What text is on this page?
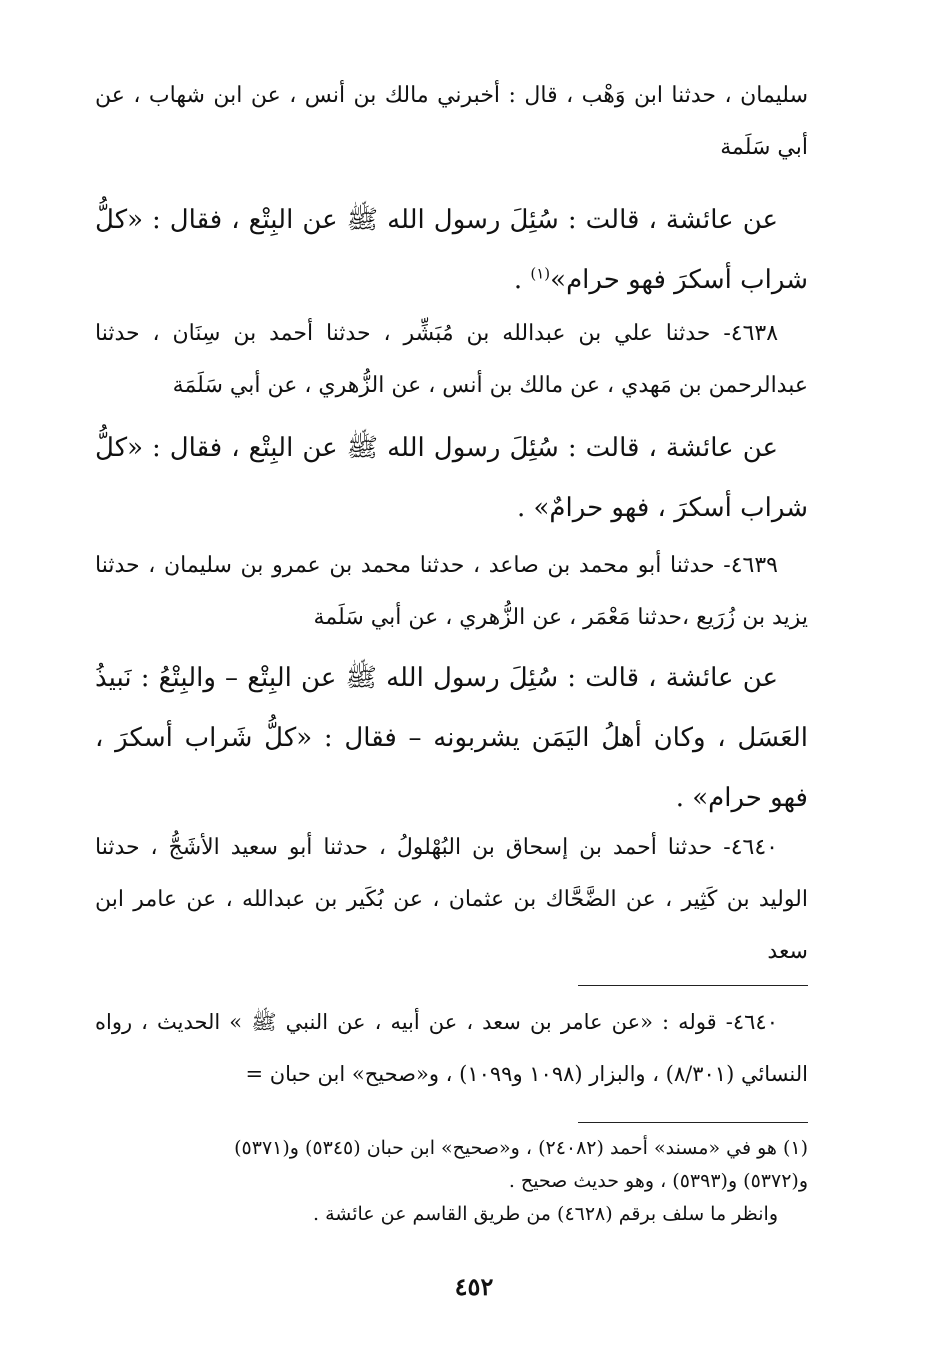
سليمان ، حدثنا ابن وَهْب ، قال : أخبرني مالك بن أنس ، عن ابن شهاب ، عن أبي سَلَمة

عن عائشة ، قالت : سُئِلَ رسول الله ﷺ عن البِتْع ، فقال : «كلُّ شراب أسكرَ فهو حرام»$^{(١)}$ .

٤٦٣٨- حدثنا علي بن عبدالله بن مُبَشِّر ، حدثنا أحمد بن سِنَان ، حدثنا عبدالرحمن بن مَهدي ، عن مالك بن أنس ، عن الزُّهري ، عن أبي سَلَمَة

عن عائشة ، قالت : سُئِلَ رسول الله ﷺ عن البِتْع ، فقال : «كلُّ شراب أسكرَ ، فهو حرامٌ» .

٤٦٣٩- حدثنا أبو محمد بن صاعد ، حدثنا محمد بن عمرو بن سليمان ، حدثنا يزيد بن زُرَيع ،حدثنا مَعْمَر ، عن الزُّهري ، عن أبي سَلَمة

عن عائشة ، قالت : سُئِلَ رسول الله ﷺ عن البِتْع – والبِتْعُ : نَبيذُ العَسَل ، وكان أهلُ اليَمَن يشربونه – فقال : «كلُّ شَراب أسكرَ ، فهو حرام» .

٤٦٤٠- حدثنا أحمد بن إسحاق بن البُهْلولُ ، حدثنا أبو سعيد الأشَجُّ ، حدثنا الوليد بن كَثِير ، عن الضَّحَّاك بن عثمان ، عن بُكَير بن عبدالله ، عن عامر ابن سعد

٤٦٤٠- قوله : «عن عامر بن سعد ، عن أبيه ، عن النبي ﷺ » الحديث ، رواه النسائي (٨/٣٠١) ، والبزار (١٠٩٨ و١٠٩٩) ، و«صحيح» ابن حبان =

(١) هو في «مسند» أحمد (٢٤٠٨٢) ، و«صحيح» ابن حبان (٥٣٤٥) و(٥٣٧١)
و(٥٣٧٢) و(٥٣٩٣) ، وهو حديث صحيح .
وانظر ما سلف برقم (٤٦٢٨) من طريق القاسم عن عائشة .
٤٥٢
